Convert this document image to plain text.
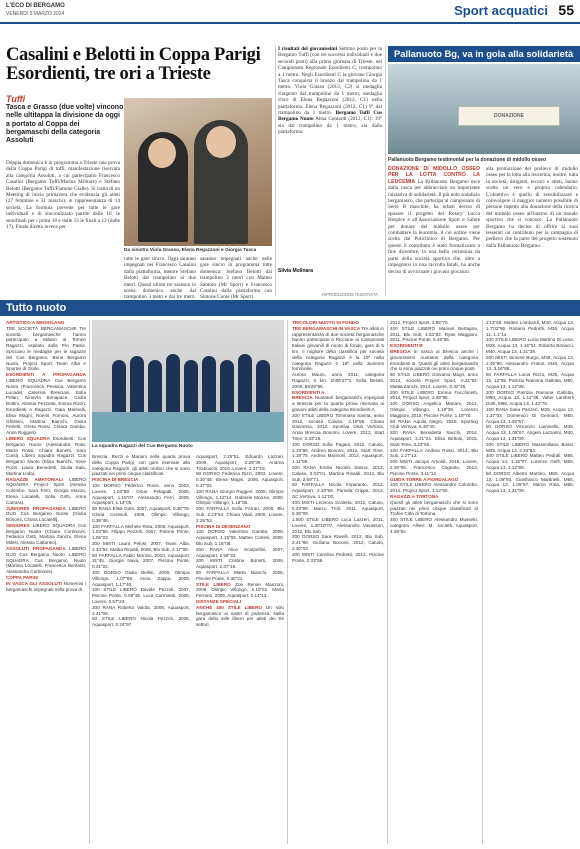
L'ECO DI BERGAMO
VENERDÌ 5 MARZO 2024	Sport acquatici 55
Casalini e Belotti in Coppa Parigi Esordienti, tre ori a Trieste
Tuffi
Tasca e Grasso (due volte) vincono nelle ultitappa la divisione da oggi a portato al Coppa dei bergamaschi della categoria Assoluti
Doppia domenica è in programma a Trieste una prova della Coppa Parigi di tuffi, manifestazione riservata alla categoria Assoluti, a cui partecipano Francesco Casalini (Bergamo Tuffi/Marina Militare) e Stefano Belotti (Bergamo Tuffi/Fiamme Gialle). Si tratta di un Meeting di inizio primavera che evidenzia gli atleti (27 femmine e 31 maschi), in rappresentanza di 14 società. La formula prevede per tutte le gare individuali e di sincronizzato partite dalle 10, le semifinali per i primi 18 e dalle 15 le finali a 12 (dalle 17). Finale diretta invece per
Da sinistra Viola Grasso, Elena Regazzoni e Giorgia Tasca
tutte le gare sincro. Oggi saranno impegnati nei Francesco Casalini dalla piattaforma, mentre Stefano Belotti dal trampolino ai due metri. Questi ultimi tre saranno in scena domenica anche dal trampolino 3 metri e dal tre metri.
saranno impegnati anche nelle gare sincro in programma tutte domenica: Stefano Belotti dal trampolino 3 metri con Matteo Santoro (Mr Sport) e Francesco Casalini dalla piattaforma con Simone Conte (Mr Sport).
I risultati del giovanissimi Settimo posto per la Bergamo Tuffi (con tre successi individuali e due secondi posti) alla prima giornata di Trieste, nel Campionato Regionale Esordienti C, trampolino a 1 metro. Negli Esordienti C la giovane Giorgia Tasca conquista il bronzo dal trampolino da 1 metro. Viola Grasso (2013, C2) si medaglia d'argento dal trampolino da 1 metro; medaglia d'oro di Elena Regazzoni (2012, C1) nella piattaforma. Elena Regazzoni (2012, C1) 9° dal trampolino da 1 metro. Bergamo Tuffi Cus Bergamo Nuoto Anna Contardi (2012, C1): 19° sia dal trampolino da 1 metro, sia dalla piattaforma.
Silvia Molinara
RIPRODUZIONE RISERVATA
Pallanuoto Bg, va in gola alla solidarietà
DONAZIONE
Pallanuoto Bergamo testimonial per la donazione di midollo osseo
DONAZIONE DI MIDOLLO OSSEO PER LA LOTTA CONTRO LA LEUCEMIA La Pallanuoto Bergamo esce dalla vasca per abbracciare un importante iniziativa di solidarietà. Il più noto sodalizio bergamasco, che partecipa al campionato di Serie B maschile, ha infatti deciso di sposare il progetto del Rotary Lucca Hospice e all'Associazione Sport e Salute per donare del midollo osseo per combattere la leucemia, il cui ordine viene scelto dal Policlinico di Bergamo. Per questo il contributo è stato formalizzato a fine dicembre, in una bella cerimonia da parte della società sportiva che, oltre a impegnarsi in una raccolta fondi, ha anche deciso di avvicinare i giovani giocatori.
alla promozione del prelievo di midollo osseo per la lotta alla leucemia, inoltre, tutta la società, dirigenti, tecnici e atleti, hanno scelto un vero e proprio calendario. L'obiettivo è quello di sensibilizzare e coinvolgere il maggior numero possibile di persone rispetto alla donazione della ricerca del midollo osseo all'interno di un mondo sportivo che si conosce. La Pallanuoto Bergamo ha deciso di offrire ai suoi tesserati un contributo per la campagna di prelievo che fa parte del progetto sostenuto dalla Pallanuoto Bergamo.
Tutto nuoto
La squadra Ragazzi del Cus Bergamo Nuoto
ARTISTICO A MEDIOLANO
TRE SOCIETÀ BERGAMASCHE Tre società bergamasche hanno partecipato a Milano al Torneo Ragazzi, ospitato dalla Pro Patria. Spiccano le medaglie per le ragazze del Cus Bergamo. Bene Bergamo Nuoto, Project Sport, Team Alba e Sportivi di Gorle.
ESORDIENTI A PROPAGANDA LIBERO SQUADRA Cus Bergamo Nuoto (Francesca Pessina, Valentina Lucadei, Caterina Bresciani, Sofia Pelan, Ginevra Bonapace, Giulia Bottini, Alessia Pezzotta, Emma Rizzi). Esordienti A Ragazzi, Gaia Marinelli, Elisa Magni, Noemi Fornoni, Aurora Ghisleni, Martina Bianchi, Giulia Perletti, Greta Rossi, Chiara Gamba, Anna Ruggeri).
LIBERO SQUADRA Esordienti: Cus Bergamo Nuoto (Alessandra Rota, Marta Rossi, Chiara Bonetti, Sara Conti). Libero squadra Ragazzi: Cus Bergamo Nuoto (Elisa Bianchi, Irene Pozzi, Laura Benedetti, Giulia Sala, Martina Loda).
RAGAZZE AMATORIALI LIBERO SQUADRA Project Sport (Alessia Colombo, Sara Ferri, Giorgia Mazza, Elena Locatelli, Sofia Gritti, Anna Carrara).
JUNIORES PROPAGANDA LIBERO DUO Cus Bergamo Nuoto (Giulia Bonomi, Chiara Locatelli).
SENIORES LIBERO SQUADRA Cus Bergamo Nuoto (Chiara Cortinovis, Federica Gotti, Martina Zanchi, Elena Milesi, Alessia Cattaneo).
ASSOLUTI PROPAGANDA LIBERO DUO Cus Bergamo Nuoto. LIBERO SQUADRA Cus Bergamo Nuoto (Martina Locatelli, Francesca Bonfanti, Alessandra Cortinovis).
COPPA PARIGI
IN VASCA GLI ASSOLUTI Numerosi i bergamaschi impegnati nella prova di
Brescia. Rezzi e Mariani nella quarta prova della Coppa Parigi, con gare riservate alla categoria Ragazzi, gli atleti orobici che si sono piazzati nei primi cinque classificati.
PISCINA DI BRESCIA
100 DORSO Federico Rossi, anno 2003, Lovere, 1.03"88. Omar Pelagatti, 2008, Aquasport, 1.15"07. Alessandro Ferri, 2009, Aquasport, 1.13"05.
50 RANA Elisa Gotti, 2007, Aquasport, 0.36"78. Gloria Ceresoli, 2008, Olimpic Villongo, 0.38"48.
100 FARFALLA Michele Rota, 2006, Aquasport, 1.03"89. Filippo Pezzoli, 2007, Piscine Ponte, 1.05"23.
200 MISTI Laura Pelosi, 2007, Team Alba, 2.34"82. Mattia Rinaldi, 2008, Blu Sub, 2.17"09.
50 FARFALLA Fabio Monzio, 2010, Aquasport, 31"45. Giorgia Nava, 2007, Piscina Ponte, 0.31"22.
100 DORSO Giulia Bellini, 2009, Olimpic Villongo, 1.07"89. Anna Zappa, 2009, Aquasport, 1.17"40.
100 STILE LIBERO Davide Pezzoli, 2007, Piscine Ponte, 0.56"48. Luca Carminati, 2008, Lovere, 0.57"23.
200 RANA Roberto Valota, 2008, Aquasport, 2.41"06.
50 STILE LIBERO Nicola Pezzoli, 2006, Aquasport, 0.24"97.
Aquasport, 2.25"51. Edoardo Lazzari, 2009, Aquasport, 2.28"38. Andrea Tiraboschi, 2010, Lovere, 2.37"18.
50 DORSO Federica Rizzi, 2003, Lovere, 0.30"46. Elena Magni, 2006, Aquasport, 0.37"02.
100 RANA Giorgio Ruggeri, 2008, Olimpic Villongo, 1.16"14. Gabriele Monzio, 2008, Olimpic Villongo, 1.18"08.
200 FARFALLA Sofia Ferrari, 2006, Blu Sub, 2.23"54. Chiara Vitali, 2006, Lovere, 2.25"53.
PISCINA DI DESENZANO
100 DORSO Valentina Gamba, 2009, Aquasport, 1.15"06. Matteo Cortesi, 2008, Blu Sub, 1.16"08.
200 RANA Alice Scarpellini, 2007, Aquasport, 2.59"33.
200 MISTI Cristina Bonetti, 2009, Aquasport, 2.37"19.
50 FARFALLA Marta Bianchi, 2006, Piscine Ponte, 0.30"21.
STILE LIBERO Zoe Renier Manzoni, 2008, Olimpic Villongo, 2.10"51. Marta Ferrario, 2009, Aquasport, 2.14"13.
DISTANZE SPECIALI
ANCHE 400 STILE LIBERO Un solo bergamasco ai nastri di partenza. Nella gara dello stile libero per atleti dei tre settori.
TRICOLORI NUOTO DI FONDO
TRE BERGAMASCHI IN VASCA Tre atleti in rappresentanza di due società bergamasche hanno partecipato a Riccione ai Campionati Italiani giovanili di nuoto di fondo, gare di 5 km. Il migliore della classifica per società della categoria Ragazzi è la 15ª nella categoria Ragazzi e 18ª nella Juniores femminile.
Aurora Mauro, anno 2011, categoria Ragazzi, 5 km, 1h06'27"2. Sofia Belotti, 2009, 59'29"89.
ESORDIENTI A
BRESCIA Nuotatori bergamaschi impegnati a Brescia per la quarta prova riservata ai giovani atleti della categoria Esordienti A.
200 STILE LIBERO Tommaso Sanna, anno 2012, società Caluso, 2.19"86. Chiara Giovanna, 2012, Sportiva Olub Vertova, Anna Brescia Bonomi, Lovere, 2012, Start Time, 2.33"28.
100 DORSO Sofia Pagani, 2012, Caluso, 2.19"86. Andrea Bonomi, 2012, Start Time, 1.18"75. Andrea Marinoni, 2012, Aquasport, 1.11"89.
200 RANA Emilia Nicolini Sanna, 2012, Caluso, 3.03"01. Martina Rinaldi, 2013, Blu Sub, 2.59"71.
50 FARFALLA Nicola Imparanto, 2012, Aquasport, 2.18"56. Pamela Crippa, 2012, SC Vertova, 1.11"00.
400 MISTI Leonora Scaletta, 2012, Caluso, 5.43"99. Marco Troli, 2011, Aquasport, 5.38"09.
1.500 STILE LIBERO Luca Lazzeri, 2011, Lovere, 1.30'10"07. Alessandro Vavassori, 2012, Blu Sub.
200 DORSO Sara Ravelli, 2012, Blu Sub, 2.41"88. Giuliana Bonomi, 2012, Caluso, 2.30"03.
200 MISTI Carolina Pedretti, 2012, Piscine Ponte, 2.33"58.
2012, Project Sport, 2.55"70.
400 STILE LIBERO Manuel Bertagna, 2011, Blu Sub, 4.53"82. Ryan Maggioni, 2011, Piscine Ponte, 5.48"85.
ESORDIENTI B
BRESCIA In vasca ai Brescia anche i giovanissimi nuotatori della categoria Esordienti B. Questi gli atleti bergamaschi che si sono piazzati nei primi cinque posti.
50 STILE LIBERO Giovanni Magri, anno 2014, società Project Sport, 0.31"82. Mattia Zanchi, 2014, Lovere, 0.32"46.
200 STILE LIBERO Emma Facchinetti, 2014, Project Sport, 2.39"96.
100 DORSO Angelica Mariani, 2014, Olimpic Villongo, 1.19"39. Lorenzo Maggioni, 2015, Piscine Ponte, 1.15"70.
50 RANA Aquila Negro, 2015, Sporting Club Vertova, 0.48"40.
200 RANA Benedetta Sacchi, 2014, Aquasport, 3.21"24. Elisa Bettoni, 2015, Start Time, 3.23"56.
100 FARFALLA Andrea Rossi, 2014, Blu Sub, 1.27"12.
200 MISTI Jacopo Arnoldi, 2015, Lovere, 2.26"06. Francesca Cognato, 2013, Piscine Ponte, 3.11"12.
GUIDA TORRE A FIORDALAGO
100 STILE LIBERO Alessandro Colombo, 2014, Project Sport, 1.13"65.
RAGAZZI A TORTONA
Questi gli atleti bergamaschi che si sono piazzati nei primi cinque classificati al Trofeo Città di Tortona.
400 STILE LIBERO Alessandro Mussetti, categoria Allievi M, società Aquasport, 4.39"52.
1'13"56. Matteo Lombardi, M30, Acqua 13, 1.7'02"96. Rosario Pedretti, M35, Acqua 11, 1.1"14.
100 STILE LIBERO Lucia Martino Di Lena, M25, Acqua 13, 1.16"04. Roberta Bonacci, M40, Acqua 13, 1.31"39.
200 MISTI Simone Burgo, M30, Acqua 13, 2.49"88. Alessandro Fratus, M40, Acqua 13, 3.16"88.
50 FARFALLA Lucia Rizzo, M25, Acqua 13, 12"69. Patrizia Ramona Gallotta, M50, Acqua 13, 1.12"38.
200 DORSO Patrizia Ramona Gallotta, M50, Acqua 13, 1.12"38. Valter Lamberti Dotti, M65, Acqua 13, 1.42"75.
100 RANA Ilaria Panzeri, M25, Acqua 13, 1.37"03. Domenico Di Gennaro, M50, Acqua 13, 1.48"57.
50 DORSO Vincenzo Laminello, M35, Acqua 13, 1.05"67. Angelo Lazzarini, M40, Acqua 13, 1.31"09.
200 STILE LIBERO Massimiliano Bossi, M45, Acqua 13, 2.33"84.
400 STILE LIBERO Matteo Pedrali, M55, Acqua 13, 1.18"07. Lorenzo Gelfi, M65, Acqua 13, 3.12"89.
50 DORSO Alberto Martino, M60, Acqua 13, 1.08"93. Gianfranco Martinelli, M65, Acqua 13, 1.05"67. Marco Rota, M65, Acqua 13, 1.31"09.
